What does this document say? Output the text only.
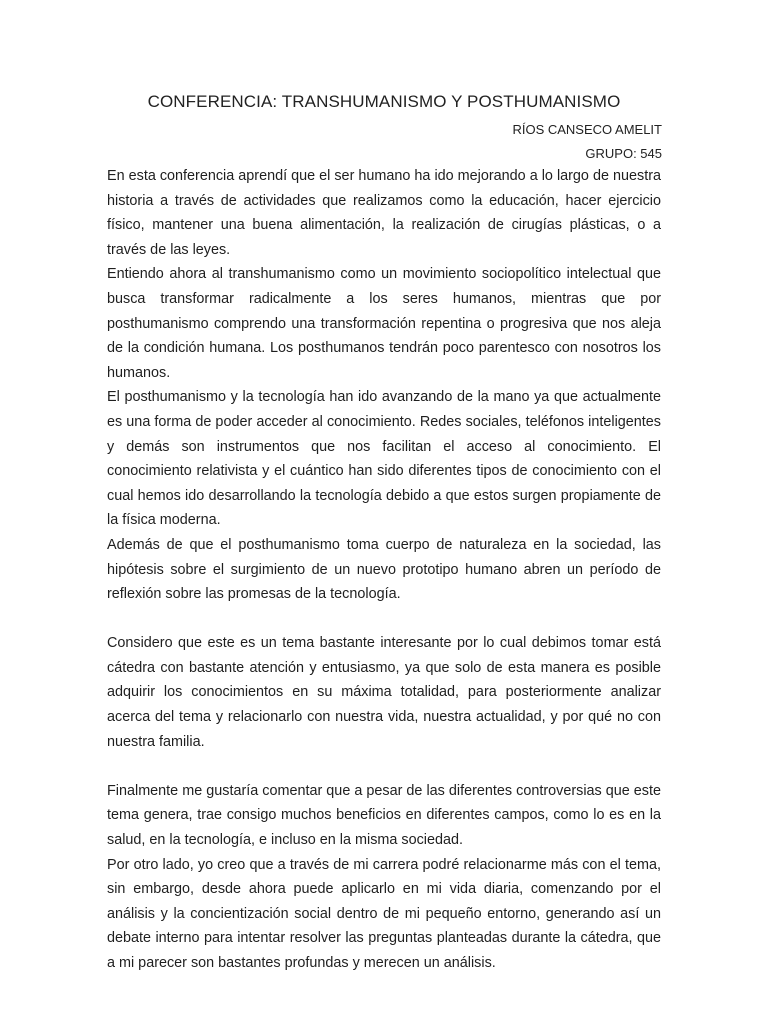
CONFERENCIA: TRANSHUMANISMO Y POSTHUMANISMO
RÍOS CANSECO AMELIT
GRUPO: 545

En esta conferencia aprendí que el ser humano ha ido mejorando a lo largo de nuestra historia a través de actividades que realizamos como la educación, hacer ejercicio físico, mantener una buena alimentación, la realización de cirugías plásticas, o a través de las leyes.

Entiendo ahora al transhumanismo como un movimiento sociopolítico intelectual que busca transformar radicalmente a los seres humanos, mientras que por posthumanismo comprendo una transformación repentina o progresiva que nos aleja de la condición humana. Los posthumanos tendrán poco parentesco con nosotros los humanos.

El posthumanismo y la tecnología han ido avanzando de la mano ya que actualmente es una forma de poder acceder al conocimiento. Redes sociales, teléfonos inteligentes y demás son instrumentos que nos facilitan el acceso al conocimiento. El conocimiento relativista y el cuántico han sido diferentes tipos de conocimiento con el cual hemos ido desarrollando la tecnología debido a que estos surgen propiamente de la física moderna.

Además de que el posthumanismo toma cuerpo de naturaleza en la sociedad, las hipótesis sobre el surgimiento de un nuevo prototipo humano abren un período de reflexión sobre las promesas de la tecnología.

Considero que este es un tema bastante interesante por lo cual debimos tomar está cátedra con bastante atención y entusiasmo, ya que solo de esta manera es posible adquirir los conocimientos en su máxima totalidad, para posteriormente analizar acerca del tema y relacionarlo con nuestra vida, nuestra actualidad, y por qué no con nuestra familia.

Finalmente me gustaría comentar que a pesar de las diferentes controversias que este tema genera, trae consigo muchos beneficios en diferentes campos, como lo es en la salud, en la tecnología, e incluso en la misma sociedad.

Por otro lado, yo creo que a través de mi carrera podré relacionarme más con el tema, sin embargo, desde ahora puede aplicarlo en mi vida diaria, comenzando por el análisis y la concientización social dentro de mi pequeño entorno, generando así un debate interno para intentar resolver las preguntas planteadas durante la cátedra, que a mi parecer son bastantes profundas y merecen un análisis.
